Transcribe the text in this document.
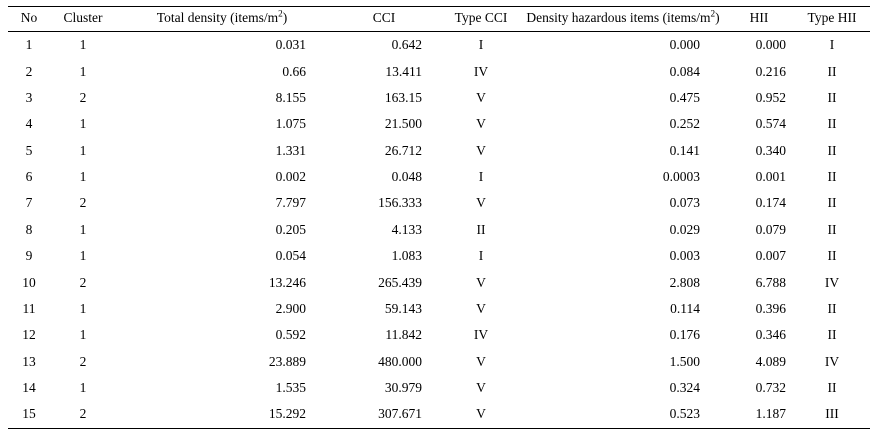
No	Cluster	Total density $(items/m^2)$	CCI	Type CCI	Density hazardous items $(items/m^2)$	HII	Type HII
1	1	0.031	0.642	I	0.000	0.000	I
2	1	0.66	13.411	IV	0.084	0.216	II
3	2	8.155	163.15	V	0.475	0.952	II
4	1	1.075	21.500	V	0.252	0.574	II
5	1	1.331	26.712	V	0.141	0.340	II
6	1	0.002	0.048	I	0.0003	0.001	II
7	2	7.797	156.333	V	0.073	0.174	II
8	1	0.205	4.133	II	0.029	0.079	II
9	1	0.054	1.083	I	0.003	0.007	II
10	2	13.246	265.439	V	2.808	6.788	IV
11	1	2.900	59.143	V	0.114	0.396	II
12	1	0.592	11.842	IV	0.176	0.346	II
13	2	23.889	480.000	V	1.500	4.089	IV
14	1	1.535	30.979	V	0.324	0.732	II
15	2	15.292	307.671	V	0.523	1.187	III
